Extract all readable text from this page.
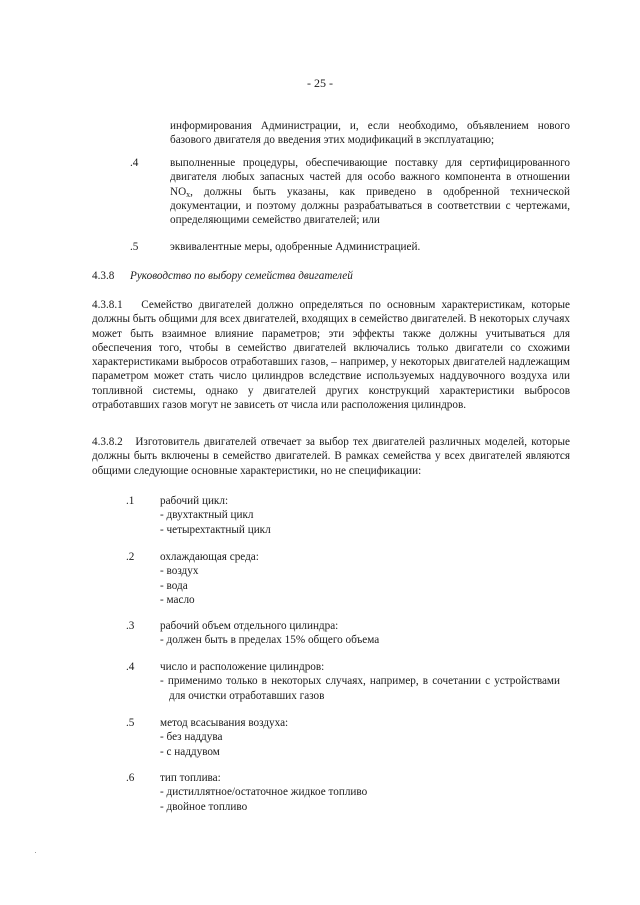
- 25 -
информирования Администрации, и, если необходимо, объявлением нового базового двигателя до введения этих модификаций в эксплуатацию;
.4	выполненные процедуры, обеспечивающие поставку для сертифицированного двигателя любых запасных частей для особо важного компонента в отношении $NO_x$, должны быть указаны, как приведено в одобренной технической документации, и поэтому должны разрабатываться в соответствии с чертежами, определяющими семейство двигателей; или
.5	эквивалентные меры, одобренные Администрацией.
4.3.8 Руководство по выбору семейства двигателей
4.3.8.1 Семейство двигателей должно определяться по основным характеристикам, которые должны быть общими для всех двигателей, входящих в семейство двигателей. В некоторых случаях может быть взаимное влияние параметров; эти эффекты также должны учитываться для обеспечения того, чтобы в семейство двигателей включались только двигатели со схожими характеристиками выбросов отработавших газов, – например, у некоторых двигателей надлежащим параметром может стать число цилиндров вследствие используемых наддувочного воздуха или топливной системы, однако у двигателей других конструкций характеристики выбросов отработавших газов могут не зависеть от числа или расположения цилиндров.
4.3.8.2 Изготовитель двигателей отвечает за выбор тех двигателей различных моделей, которые должны быть включены в семейство двигателей. В рамках семейства у всех двигателей являются общими следующие основные характеристики, но не спецификации:
.1 рабочий цикл:
- двухтактный цикл
- четырехтактный цикл
.2 охлаждающая среда:
- воздух
- вода
- масло
.3 рабочий объем отдельного цилиндра:
- должен быть в пределах 15% общего объема
.4 число и расположение цилиндров:
- применимо только в некоторых случаях, например, в сочетании с устройствами для очистки отработавших газов
.5 метод всасывания воздуха:
- без наддува
- с наддувом
.6 тип топлива:
- дистиллятное/остаточное жидкое топливо
- двойное топливо
